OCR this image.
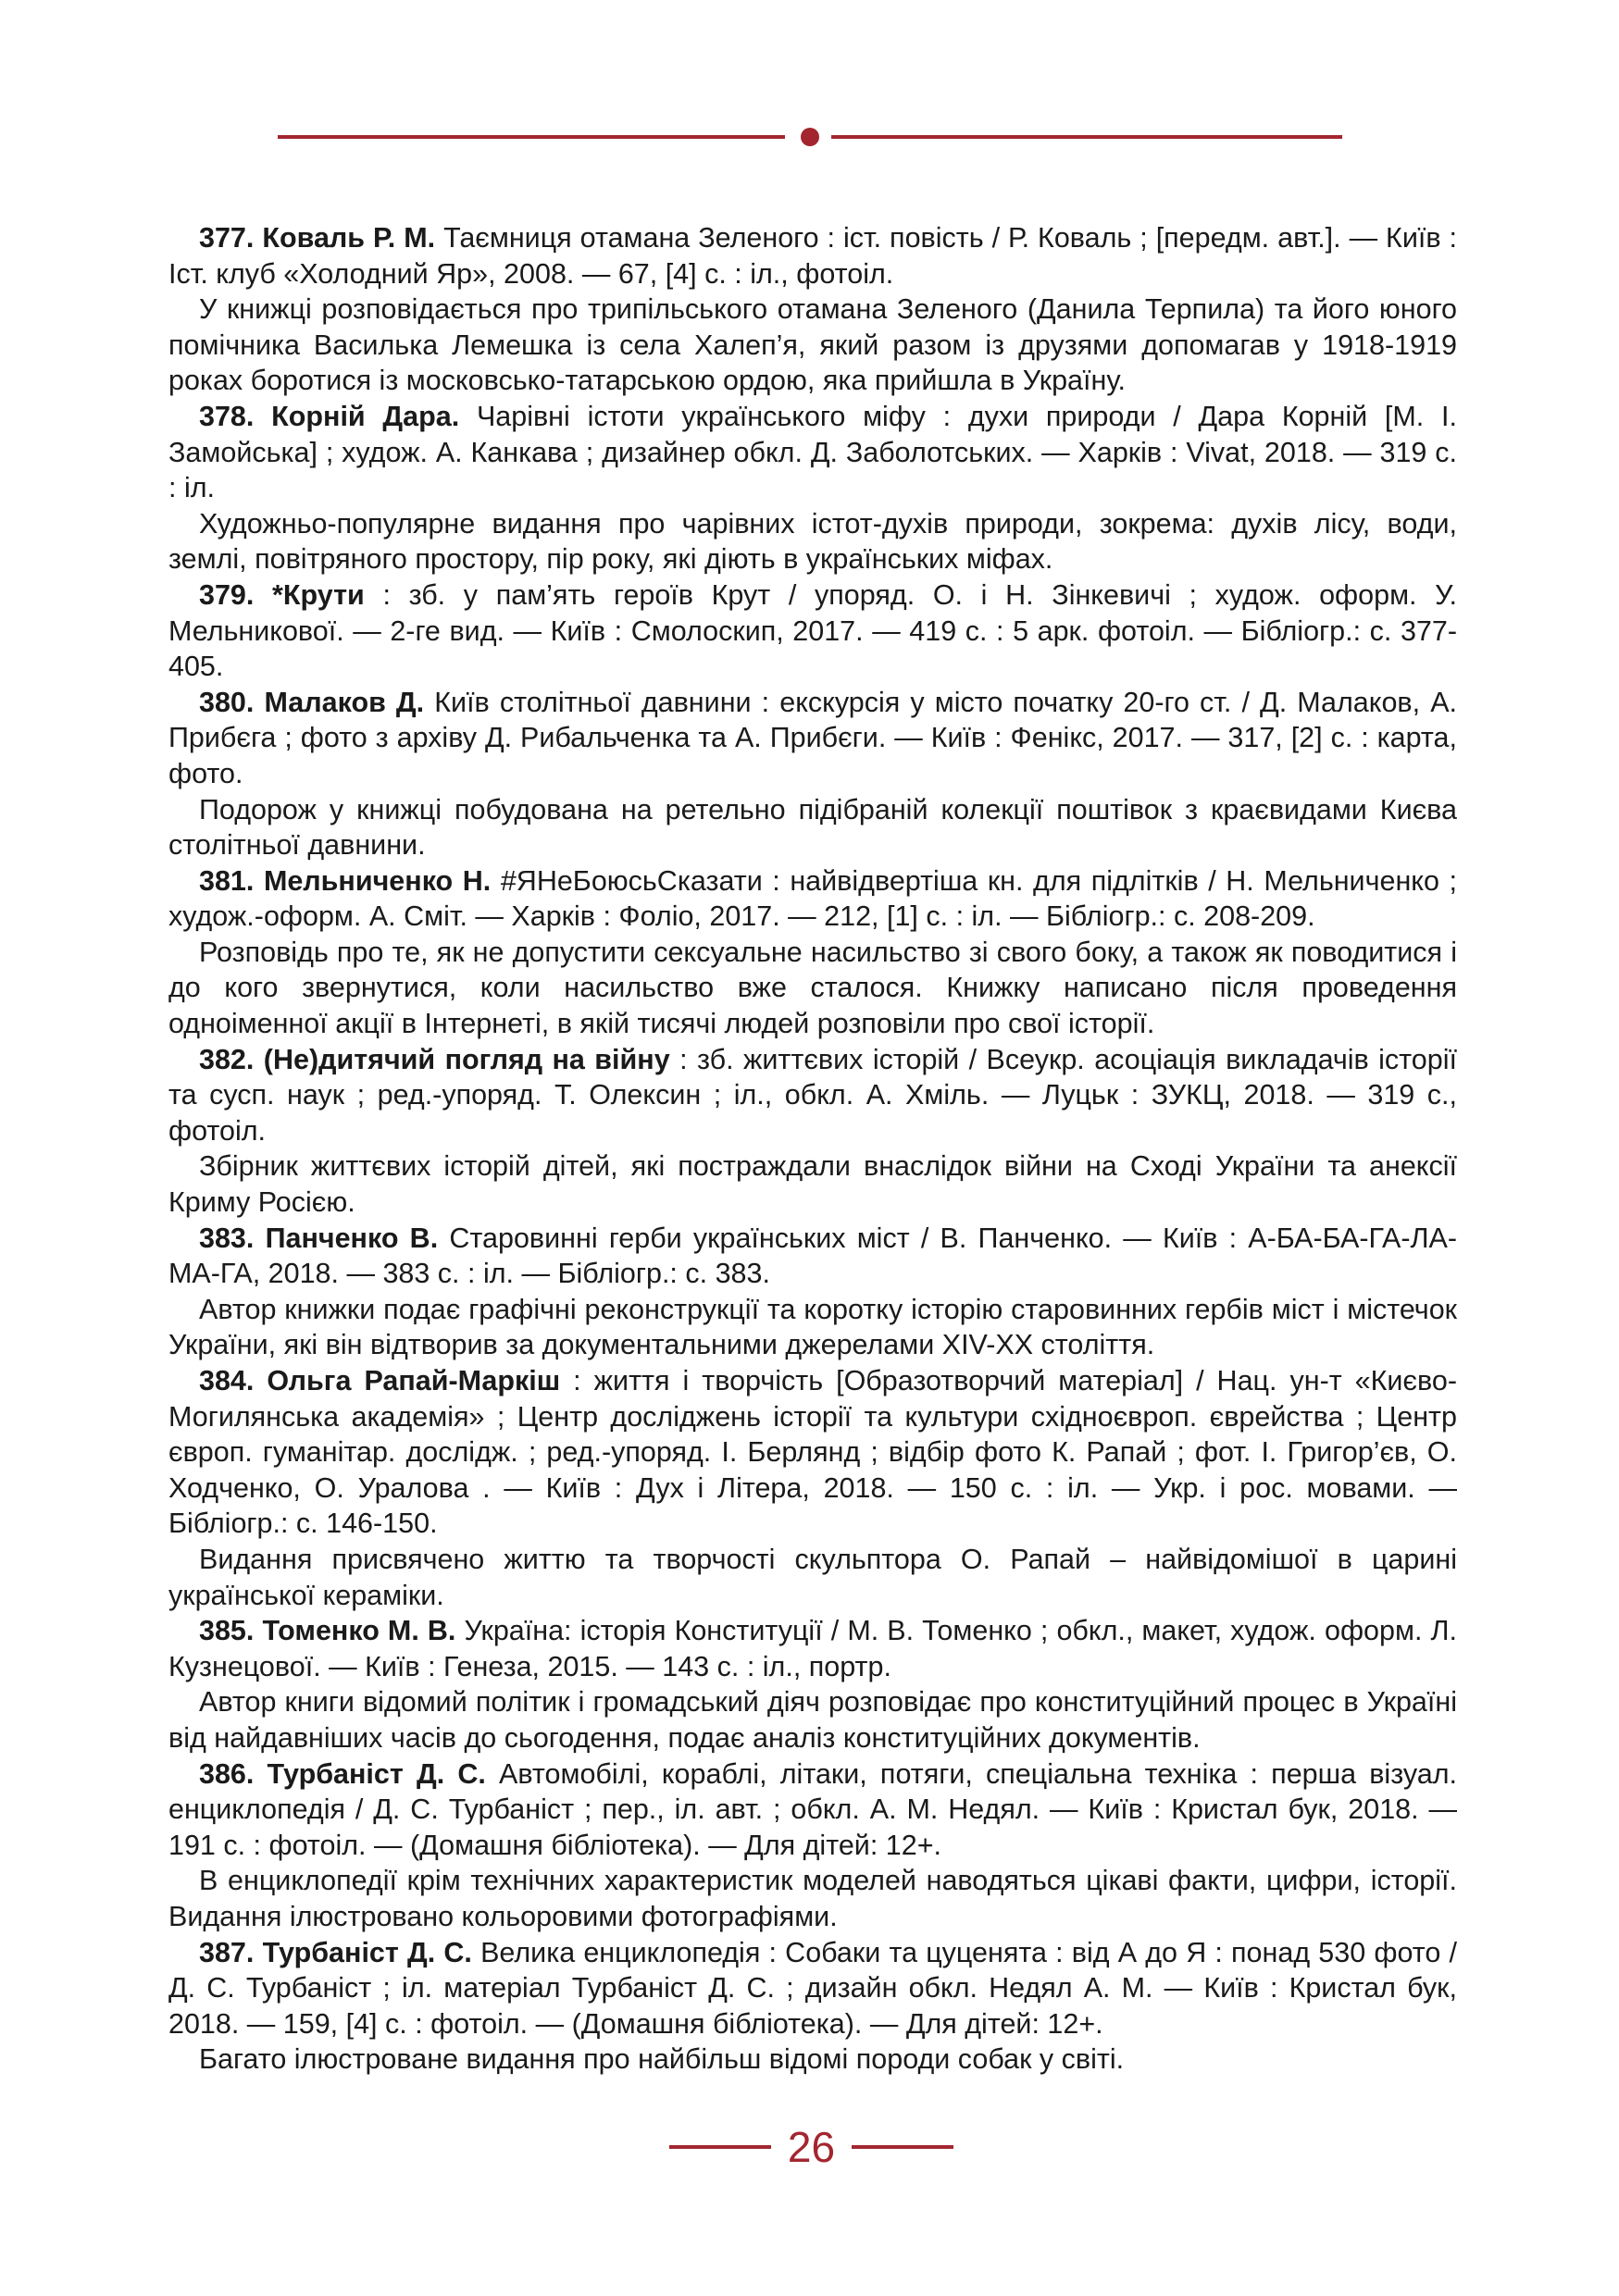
377. Коваль Р. М. Таємниця отамана Зеленого : іст. повість / Р. Коваль ; [передм. авт.]. — Київ : Іст. клуб «Холодний Яр», 2008. — 67, [4] с. : іл., фотоіл.

У книжці розповідається про трипільського отамана Зеленого (Данила Терпила) та його юного помічника Василька Лемешка із села Халеп’я, який разом із друзями допомагав у 1918-1919 роках боротися із московсько-татарською ордою, яка прийшла в Україну.

378. Корній Дара. Чарівні істоти українського міфу : духи природи / Дара Корній [М. І. Замойська] ; худож. А. Канкава ; дизайнер обкл. Д. Заболотських. — Харків : Vivat, 2018. — 319 с. : іл.

Художньо-популярне видання про чарівних істот-духів природи, зокрема: духів лісу, води, землі, повітряного простору, пір року, які діють в українських міфах.

379. *Крути : зб. у пам’ять героїв Крут / упоряд. О. і Н. Зінкевичі ; худож. оформ. У. Мельникової. — 2-ге вид. — Київ : Смолоскип, 2017. — 419 с. : 5 арк. фотоіл. — Бібліогр.: с. 377-405.

380. Малаков Д. Київ столітньої давнини : екскурсія у місто початку 20-го ст. / Д. Малаков, А. Прибєга ; фото з архіву Д. Рибальченка та А. Прибєги. — Київ : Фенікс, 2017. — 317, [2] с. : карта, фото.

Подорож у книжці побудована на ретельно підібраній колекції поштівок з краєвидами Києва столітньої давнини.

381. Мельниченко Н. #ЯНеБоюсьСказати : найвідвертіша кн. для підлітків / Н. Мельниченко ; худож.-оформ. А. Сміт. — Харків : Фоліо, 2017. — 212, [1] с. : іл. — Бібліогр.: с. 208-209.

Розповідь про те, як не допустити сексуальне насильство зі свого боку, а також як поводитися і до кого звернутися, коли насильство вже сталося. Книжку написано після проведення одноіменної акції в Інтернеті, в якій тисячі людей розповіли про свої історії.

382. (Не)дитячий погляд на війну : зб. життєвих історій / Всеукр. асоціація викладачів історії та сусп. наук ; ред.-упоряд. Т. Олексин ; іл., обкл. А. Хміль. — Луцьк : ЗУКЦ, 2018. — 319 с., фотоіл.

Збірник життєвих історій дітей, які постраждали внаслідок війни на Сході України та анексії Криму Росією.

383. Панченко В. Старовинні герби українських міст / В. Панченко. — Київ : А-БА-БА-ГА-ЛА-МА-ГА, 2018. — 383 с. : іл. — Бібліогр.: с. 383.

Автор книжки подає графічні реконструкції та коротку історію старовинних гербів міст і містечок України, які він відтворив за документальними джерелами XIV-XX століття.

384. Ольга Рапай-Маркіш : життя і творчість [Образотворчий матеріал] / Нац. ун-т «Києво-Могилянська академія» ; Центр досліджень історії та культури східноєвроп. єврейства ; Центр європ. гуманітар. дослідж. ; ред.-упоряд. І. Берлянд ; відбір фото К. Рапай ; фот. І. Григор’єв, О. Ходченко, О. Уралова . — Київ : Дух і Літера, 2018. — 150 с. : іл. — Укр. і рос. мовами. — Бібліогр.: с. 146-150.

Видання присвячено життю та творчості скульптора О. Рапай – найвідомішої в царині української кераміки.

385. Томенко М. В. Україна: історія Конституції / М. В. Томенко ; обкл., макет, худож. оформ. Л. Кузнецової. — Київ : Генеза, 2015. — 143 с. : іл., портр.

Автор книги відомий політик і громадський діяч розповідає про конституційний процес в Україні від найдавніших часів до сьогодення, подає аналіз конституційних документів.

386. Турбаніст Д. С. Автомобілі, кораблі, літаки, потяги, спеціальна техніка : перша візуал. енциклопедія / Д. С. Турбаніст ; пер., іл. авт. ; обкл. А. М. Недял. — Київ : Кристал бук, 2018. — 191 с. : фотоіл. — (Домашня бібліотека). — Для дітей: 12+.

В енциклопедії крім технічних характеристик моделей наводяться цікаві факти, цифри, історії. Видання ілюстровано кольоровими фотографіями.

387. Турбаніст Д. С. Велика енциклопедія : Собаки та цуценята : від А до Я : понад 530 фото / Д. С. Турбаніст ; іл. матеріал Турбаніст Д. С. ; дизайн обкл. Недял А. М. — Київ : Кристал бук, 2018. — 159, [4] с. : фотоіл. — (Домашня бібліотека). — Для дітей: 12+.

Багато ілюстроване видання про найбільш відомі породи собак у світі.

26
